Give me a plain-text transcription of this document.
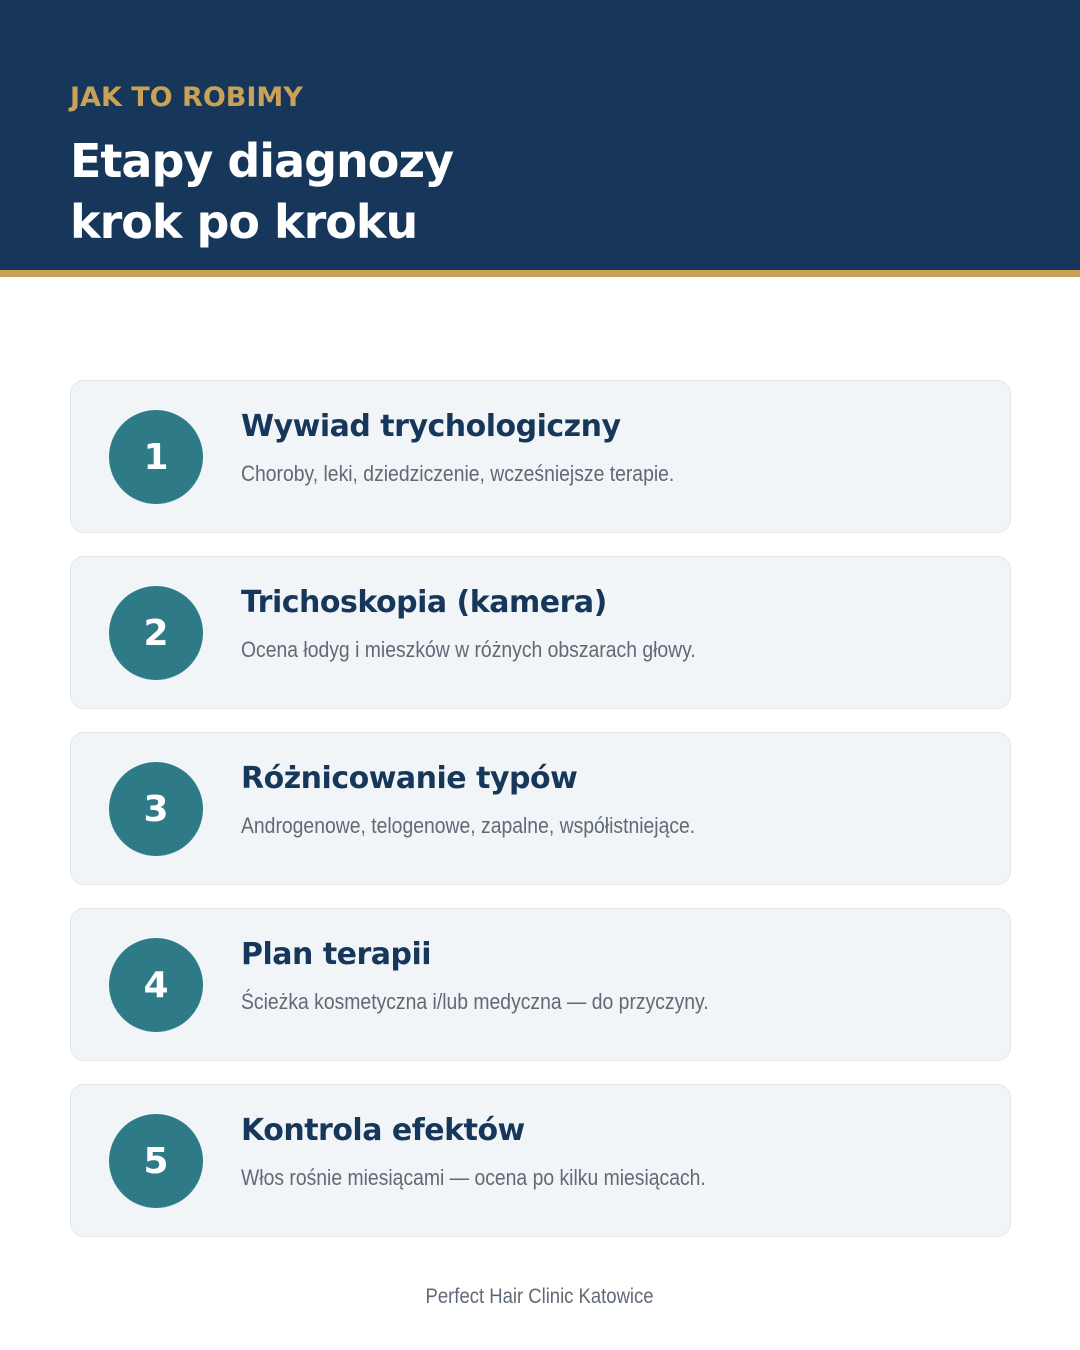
JAK TO ROBIMY
Etapy diagnozy
krok po kroku
1
Wywiad trychologiczny
Choroby, leki, dziedziczenie, wcześniejsze terapie.
2
Trichoskopia (kamera)
Ocena łodyg i mieszków w różnych obszarach głowy.
3
Różnicowanie typów
Androgenowe, telogenowe, zapalne, współistniejące.
4
Plan terapii
Ścieżka kosmetyczna i/lub medyczna — do przyczyny.
5
Kontrola efektów
Włos rośnie miesiącami — ocena po kilku miesiącach.
Perfect Hair Clinic Katowice
